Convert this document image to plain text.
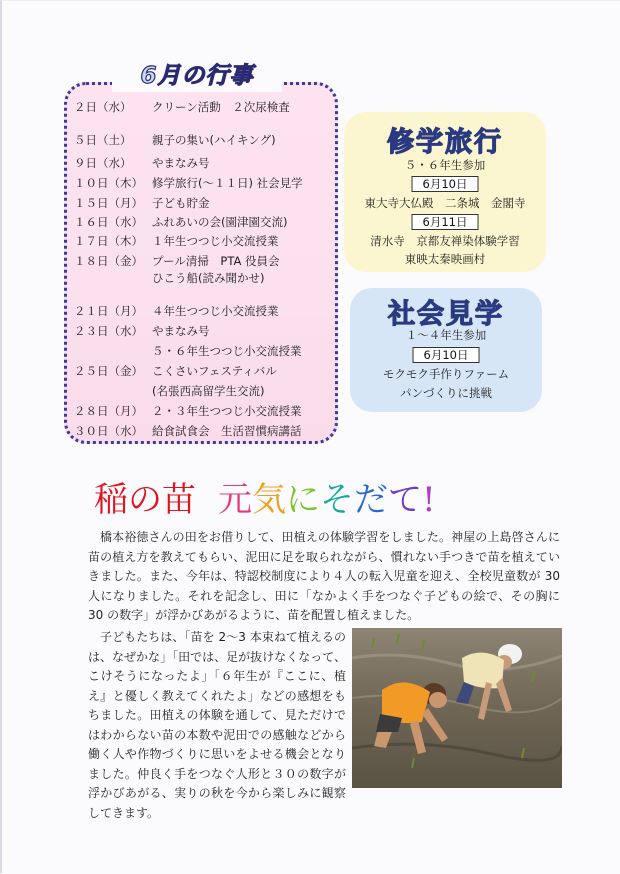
6月の行事
２日（水） クリーン活動　２次尿検査
５日（土） 親子の集い(ハイキング)
９日（水） やまなみ号
１０日（木） 修学旅行(～１１日) 社会見学
１５日（月） 子ども貯金
１６日（水） ふれあいの会(園津園交流)
１７日（木） １年生つつじ小交流授業
１８日（金） プール清掃　PTA 役員会
ひこう船(読み聞かせ)
２１日（月） ４年生つつじ小交流授業
２３日（水） やまなみ号
５・６年生つつじ小交流授業
２５日（金） こくさいフェスティバル
(名張西高留学生交流)
２８日（月） ２・３年生つつじ小交流授業
３０日（水） 給食試食会　生活習慣病講話
修学旅行
５・６年生参加
6月10日
東大寺大仏殿　二条城　金閣寺
6月11日
清水寺　京都友禅染体験学習
東映太秦映画村
社会見学
１～４年生参加
6月10日
モクモク手作りファーム
パンづくりに挑戦
稲の苗 元気にそだて!

橋本裕徳さんの田をお借りして、田植えの体験学習をしました。神屋の上島啓さんに苗の植え方を教えてもらい、泥田に足を取られながら、慣れない手つきで苗を植えていきました。また、今年は、特認校制度により４人の転入児童を迎え、全校児童数が 30 人になりました。それを記念し、田に「なかよく手をつなぐ子どもの絵で、その胸に 30 の数字」が浮かびあがるように、苗を配置し植えました。

子どもたちは、「苗を 2～3 本束ねて植えるのは、なぜかな」「田では、足が抜けなくなって、こけそうになったよ」「６年生が『ここに、植え』と優しく教えてくれたよ」などの感想をもちました。田植えの体験を通して、見ただけではわからない苗の本数や泥田での感触などから働く人や作物づくりに思いをよせる機会となりました。仲良く手をつなぐ人形と３０の数字が浮かびあがる、実りの秋を今から楽しみに観察してきます。
